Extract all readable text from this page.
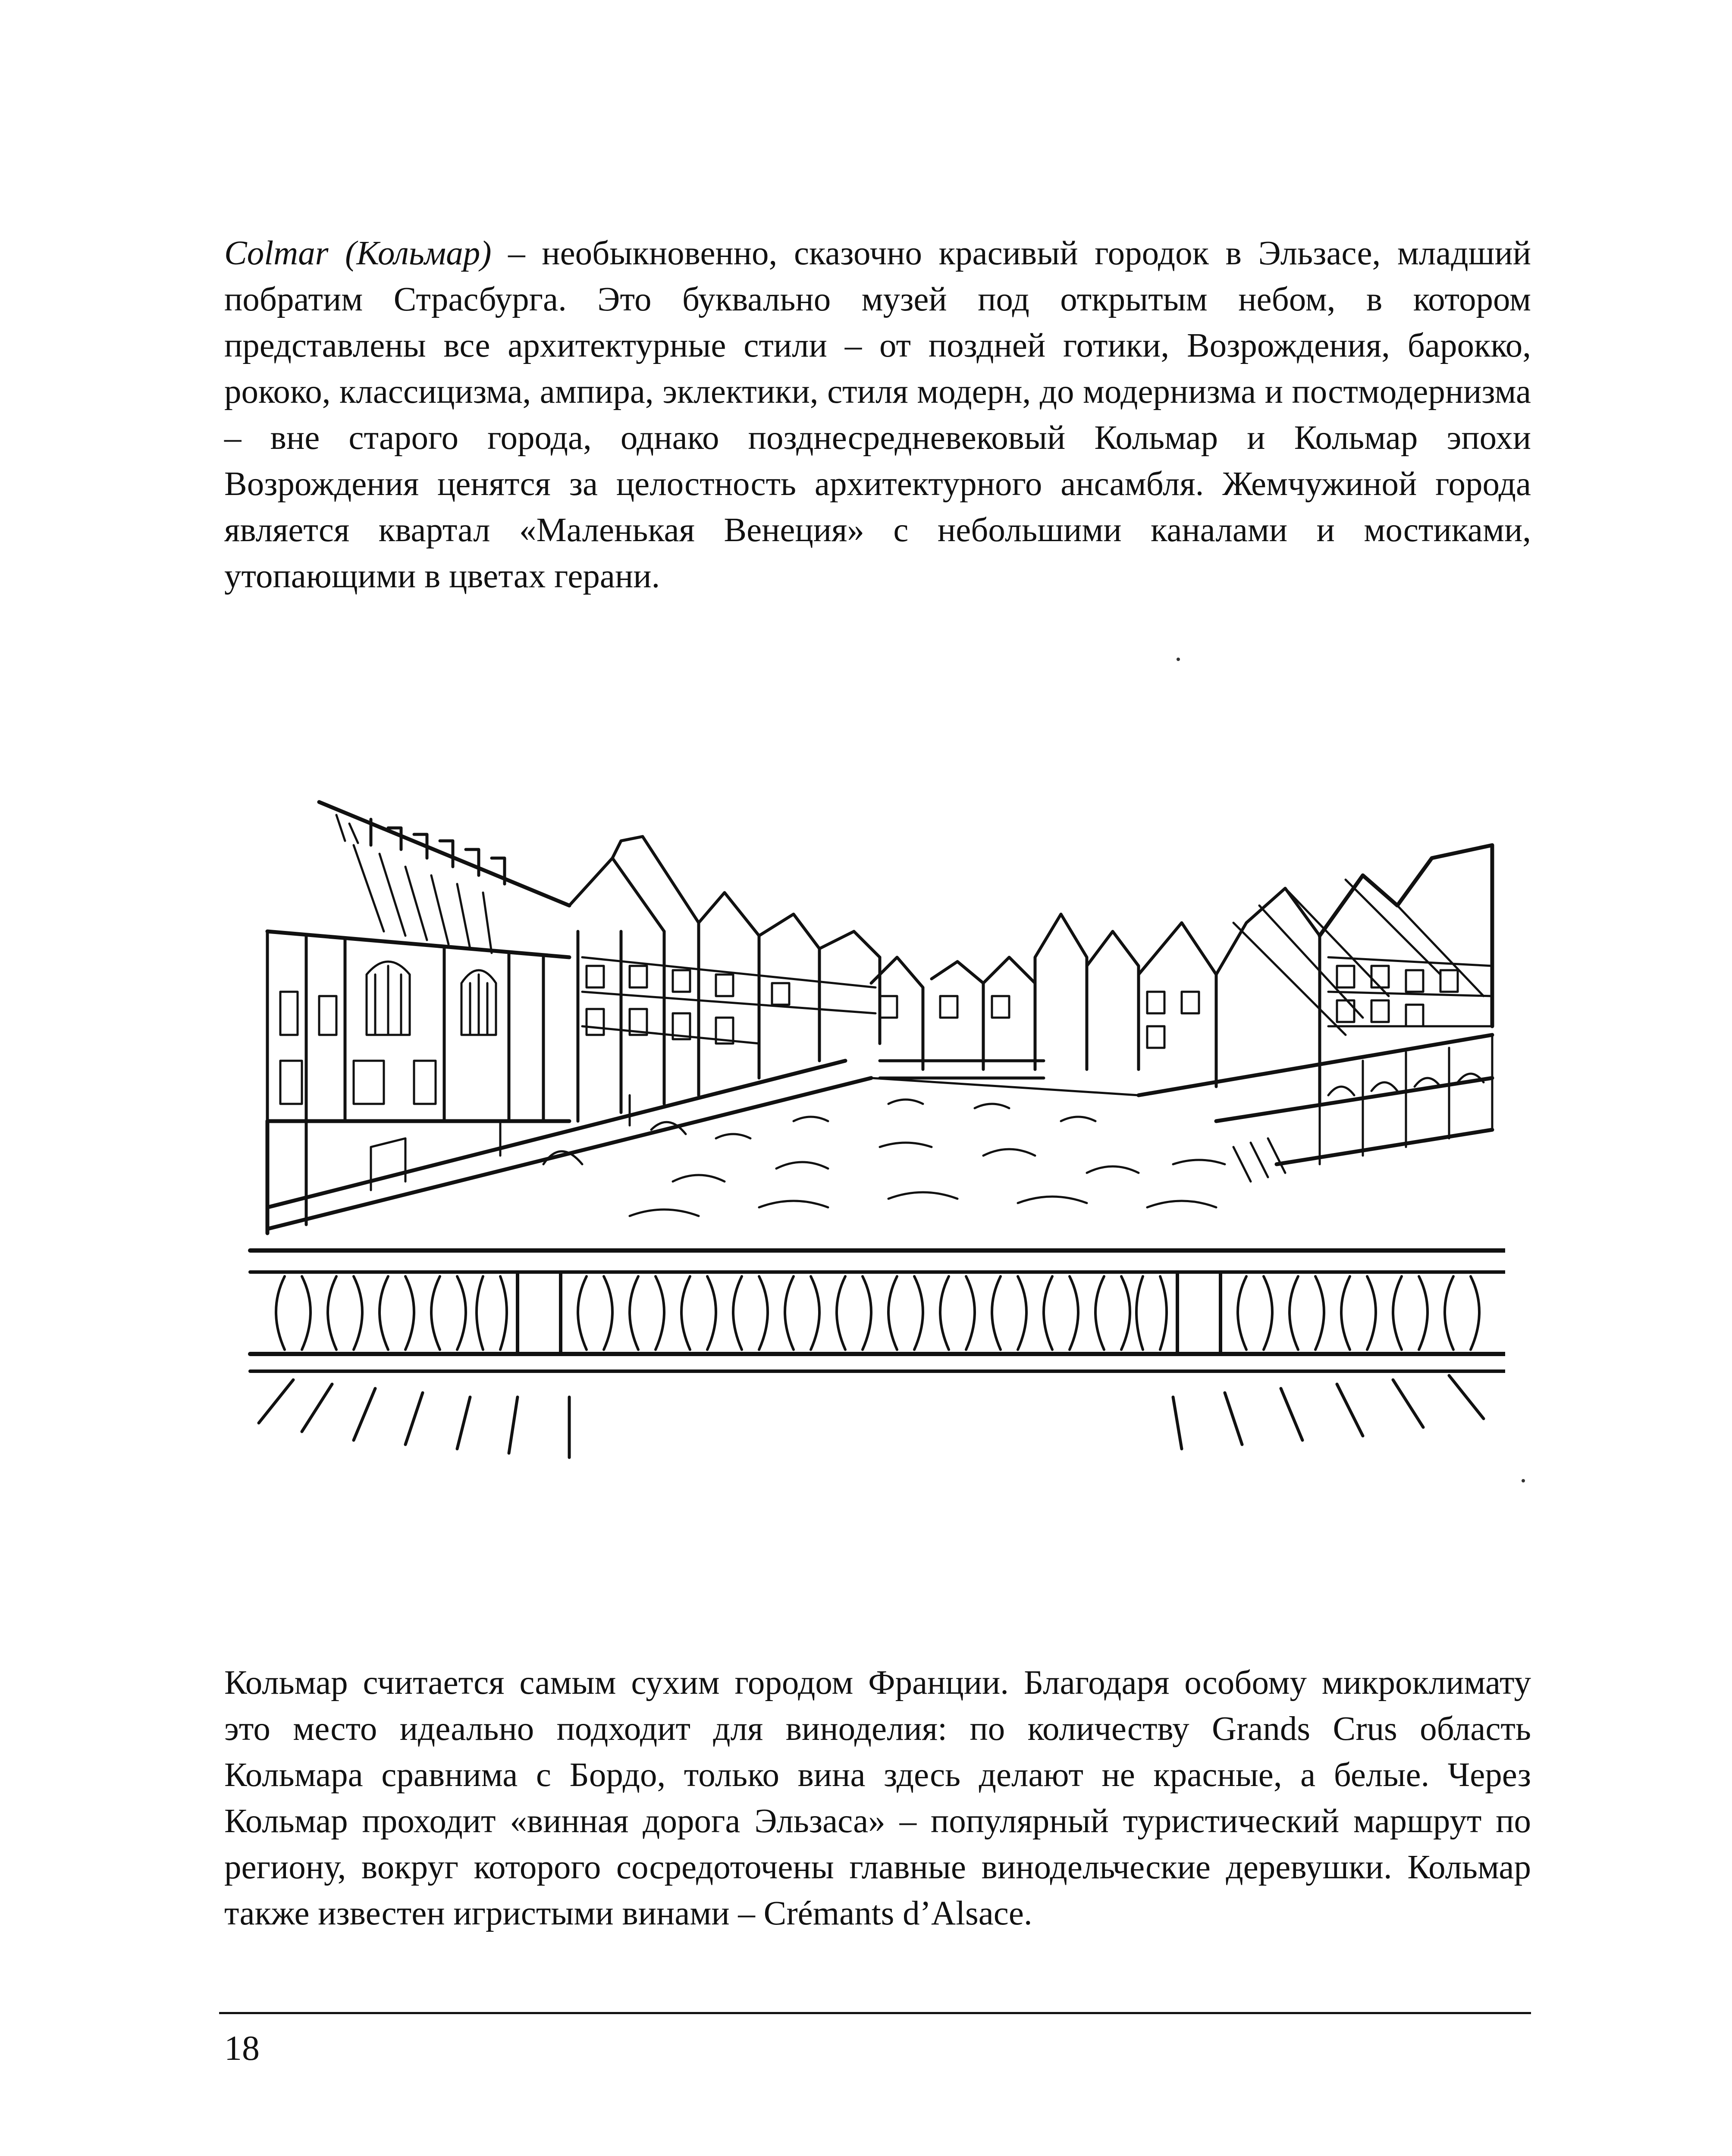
Colmar (Кольмар) – необыкновенно, сказочно красивый городок в Эльзасе, младший побратим Страсбурга. Это буквально музей под открытым небом, в котором представлены все архитектурные стили – от поздней готики, Возрождения, барокко, рококо, классицизма, ампира, эклектики, стиля модерн, до модернизма и постмодернизма – вне старого города, однако позднесредневековый Кольмар и Кольмар эпохи Возрождения ценятся за целостность архитектурного ансамбля. Жемчужиной города является квартал «Маленькая Венеция» с небольшими каналами и мостиками, утопающими в цветах герани.

Кольмар считается самым сухим городом Франции. Благодаря особому микроклимату это место идеально подходит для виноделия: по количеству Grands Crus область Кольмара сравнима с Бордо, только вина здесь делают не красные, а белые. Через Кольмар проходит «винная дорога Эльзаса» – популярный туристический маршрут по региону, вокруг которого сосредоточены главные винодельческие деревушки. Кольмар также известен игристыми винами – Crémants d’Alsace.

18
